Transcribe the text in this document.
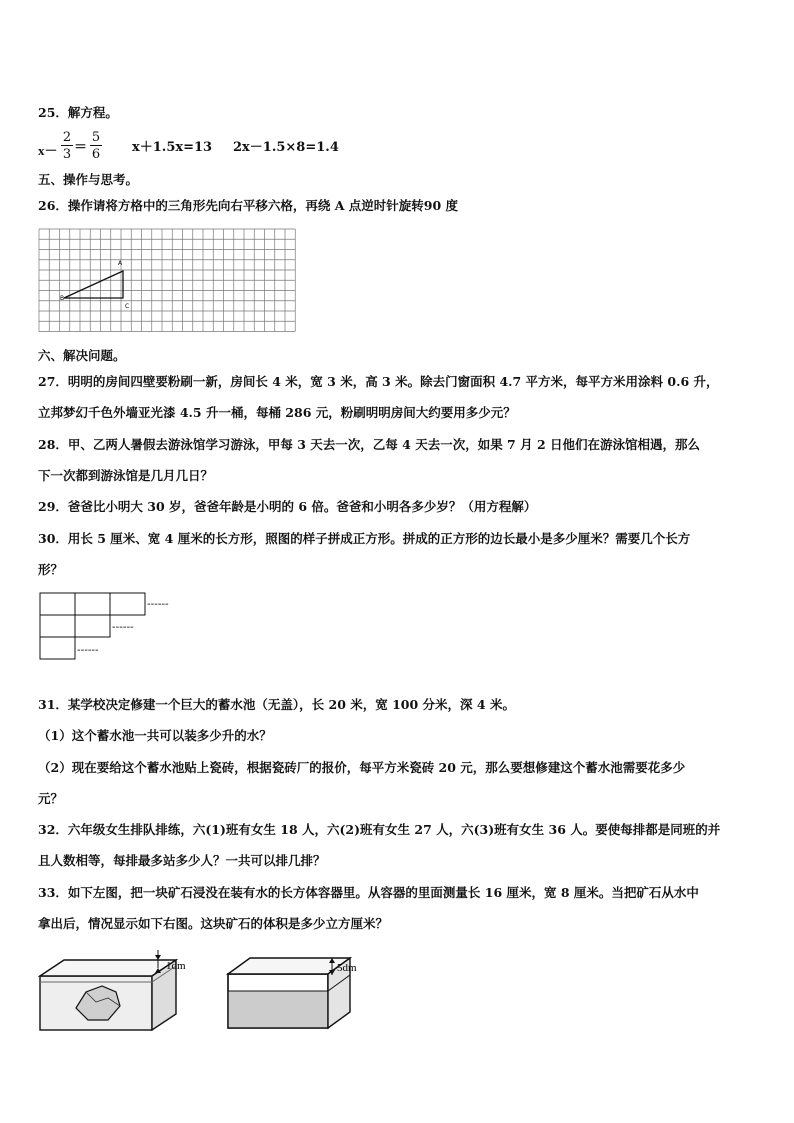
25．解方程。
x－
2
3 ＝
5
6 x＋1.5x=13 2x－1.5×8=1.4
五、操作与思考。
26．操作请将方格中的三角形先向右平移六格，再绕 A 点逆时针旋转90 度
A
B
C
六、解决问题。
27．明明的房间四壁要粉刷一新，房间长 4 米，宽 3 米，高 3 米。除去门窗面积 4.7 平方米，每平方米用涂料 0.6 升，
立邦梦幻千色外墙亚光漆 4.5 升一桶，每桶 286 元，粉刷明明房间大约要用多少元？
28．甲、乙两人暑假去游泳馆学习游泳，甲每 3 天去一次，乙每 4 天去一次，如果 7 月 2 日他们在游泳馆相遇，那么
下一次都到游泳馆是几月几日？
29．爸爸比小明大 30 岁，爸爸年龄是小明的 6 倍。爸爸和小明各多少岁？（用方程解）
30．用长 5 厘米、宽 4 厘米的长方形，照图的样子拼成正方形。拼成的正方形的边长最小是多少厘米？需要几个长方
形？
------
------
------
31．某学校决定修建一个巨大的蓄水池（无盖），长 20 米，宽 100 分米，深 4 米。
（1）这个蓄水池一共可以装多少升的水？
（2）现在要给这个蓄水池贴上瓷砖，根据瓷砖厂的报价，每平方米瓷砖 20 元，那么要想修建这个蓄水池需要花多少
元？
32．六年级女生排队排练，六(1)班有女生 18 人，六(2)班有女生 27 人，六(3)班有女生 36 人。要使每排都是同班的并
且人数相等，每排最多站多少人？一共可以排几排？
33．如下左图，把一块矿石浸没在装有水的长方体容器里。从容器的里面测量长 16 厘米，宽 8 厘米。当把矿石从水中
拿出后，情况显示如下右图。这块矿石的体积是多少立方厘米？
1dm	5dm
